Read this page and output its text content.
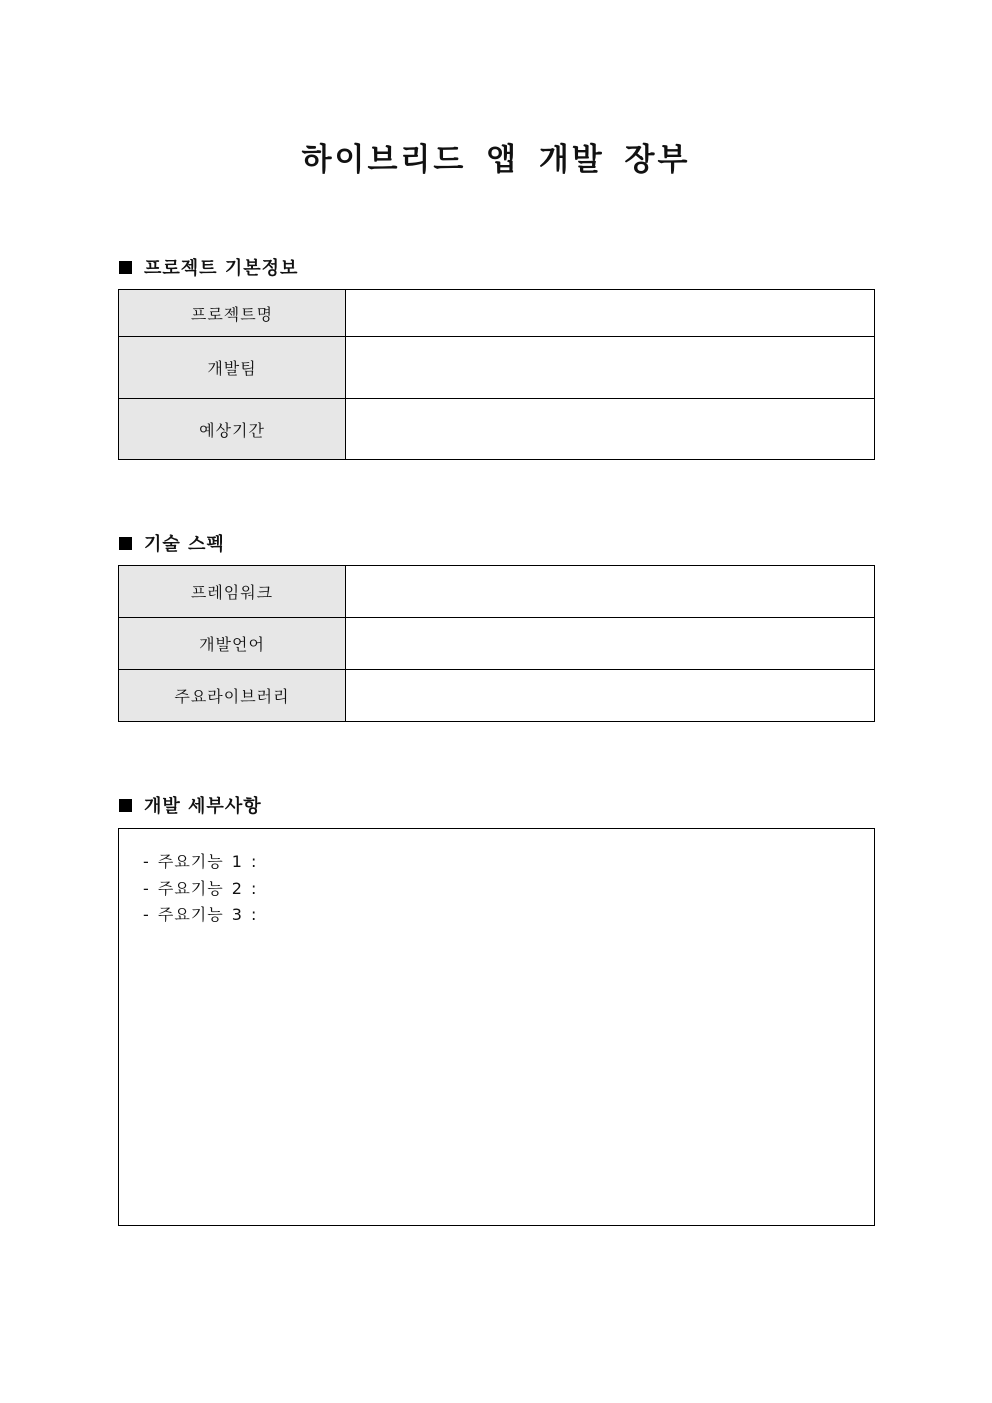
하이브리드 앱 개발 장부
프로젝트 기본정보
프로젝트명	
개발팀	
예상기간	
기술 스펙
프레임워크	
개발언어	
주요라이브러리	
개발 세부사항
- 주요기능 1 :
- 주요기능 2 :
- 주요기능 3 :
